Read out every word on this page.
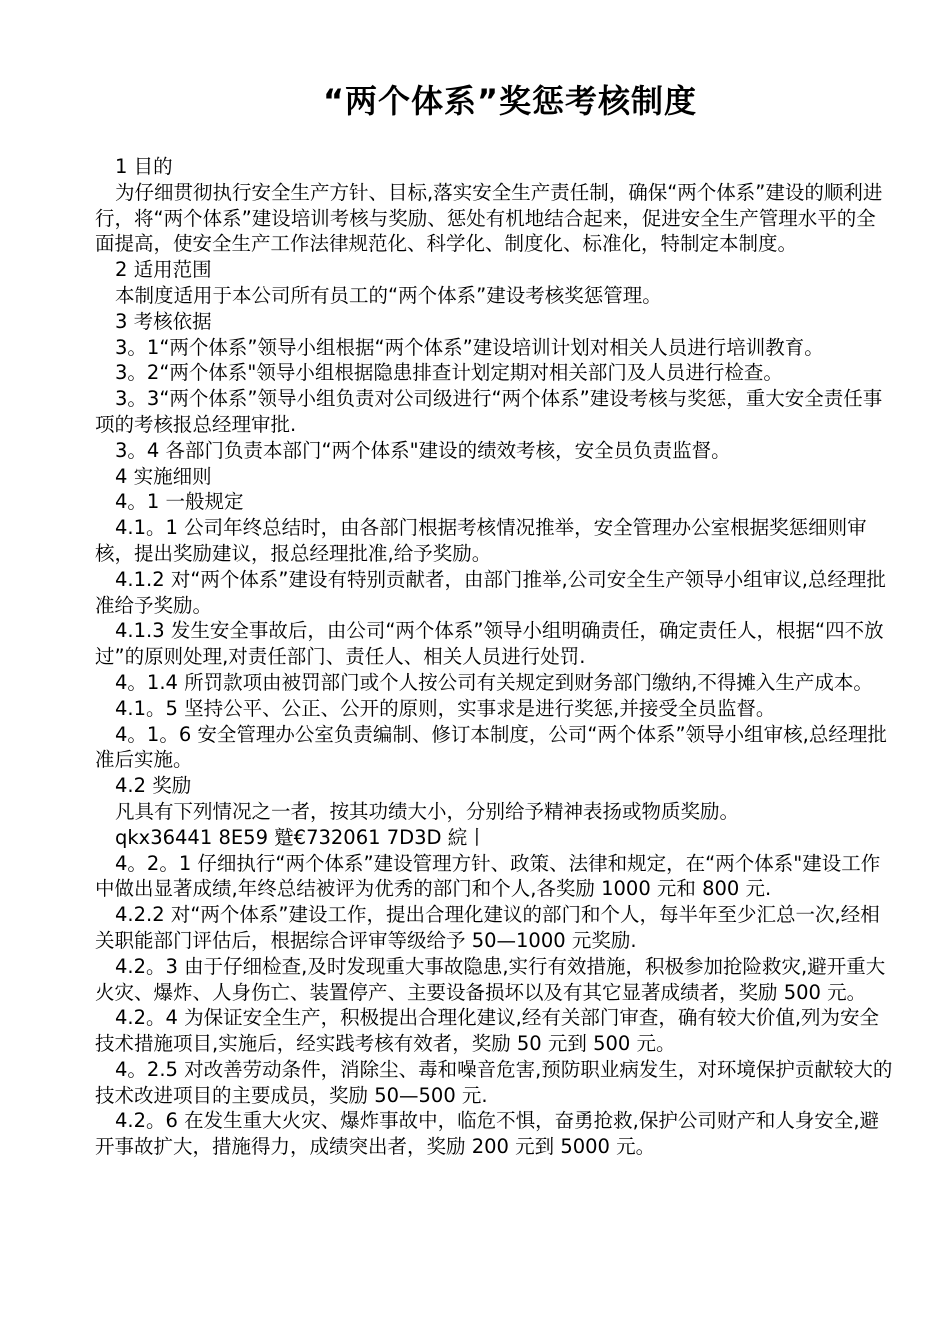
“两个体系”奖惩考核制度

1 目的

为仔细贯彻执行安全生产方针、目标,落实安全生产责任制，确保“两个体系”建设的顺利进行，将“两个体系”建设培训考核与奖励、惩处有机地结合起来，促进安全生产管理水平的全面提高，使安全生产工作法律规范化、科学化、制度化、标准化，特制定本制度。

2 适用范围

本制度适用于本公司所有员工的“两个体系”建设考核奖惩管理。

3 考核依据

3。1“两个体系”领导小组根据“两个体系”建设培训计划对相关人员进行培训教育。

3。2“两个体系"领导小组根据隐患排查计划定期对相关部门及人员进行检查。

3。3“两个体系”领导小组负责对公司级进行“两个体系”建设考核与奖惩，重大安全责任事项的考核报总经理审批.

3。4 各部门负责本部门“两个体系"建设的绩效考核，安全员负责监督。

4 实施细则

4。1 一般规定

4.1。1 公司年终总结时，由各部门根据考核情况推举，安全管理办公室根据奖惩细则审核，提出奖励建议，报总经理批准,给予奖励。

4.1.2 对“两个体系”建设有特别贡献者，由部门推举,公司安全生产领导小组审议,总经理批准给予奖励。

4.1.3 发生安全事故后，由公司“两个体系”领导小组明确责任，确定责任人，根据“四不放过”的原则处理,对责任部门、责任人、相关人员进行处罚.

4。1.4 所罚款项由被罚部门或个人按公司有关规定到财务部门缴纳,不得摊入生产成本。

4.1。5 坚持公平、公正、公开的原则，实事求是进行奖惩,并接受全员监督。

4。1。6 安全管理办公室负责编制、修订本制度，公司“两个体系”领导小组审核,总经理批准后实施。

4.2 奖励

凡具有下列情况之一者，按其功绩大小，分别给予精神表扬或物质奖励。

qkx36441 8E59 蹵€732061 7D3D 綄丨

4。2。1 仔细执行“两个体系”建设管理方针、政策、法律和规定，在“两个体系"建设工作中做出显著成绩,年终总结被评为优秀的部门和个人,各奖励 1000 元和 800 元.

4.2.2 对“两个体系”建设工作，提出合理化建议的部门和个人，每半年至少汇总一次,经相关职能部门评估后，根据综合评审等级给予 50—1000 元奖励.

4.2。3 由于仔细检查,及时发现重大事故隐患,实行有效措施，积极参加抢险救灾,避开重大火灾、爆炸、人身伤亡、装置停产、主要设备损坏以及有其它显著成绩者，奖励 500 元。

4.2。4 为保证安全生产，积极提出合理化建议,经有关部门审查，确有较大价值,列为安全技术措施项目,实施后，经实践考核有效者，奖励 50 元到 500 元。

4。2.5 对改善劳动条件，消除尘、毒和噪音危害,预防职业病发生，对环境保护贡献较大的技术改进项目的主要成员，奖励 50—500 元.

4.2。6 在发生重大火灾、爆炸事故中，临危不惧，奋勇抢救,保护公司财产和人身安全,避开事故扩大，措施得力，成绩突出者，奖励 200 元到 5000 元。
